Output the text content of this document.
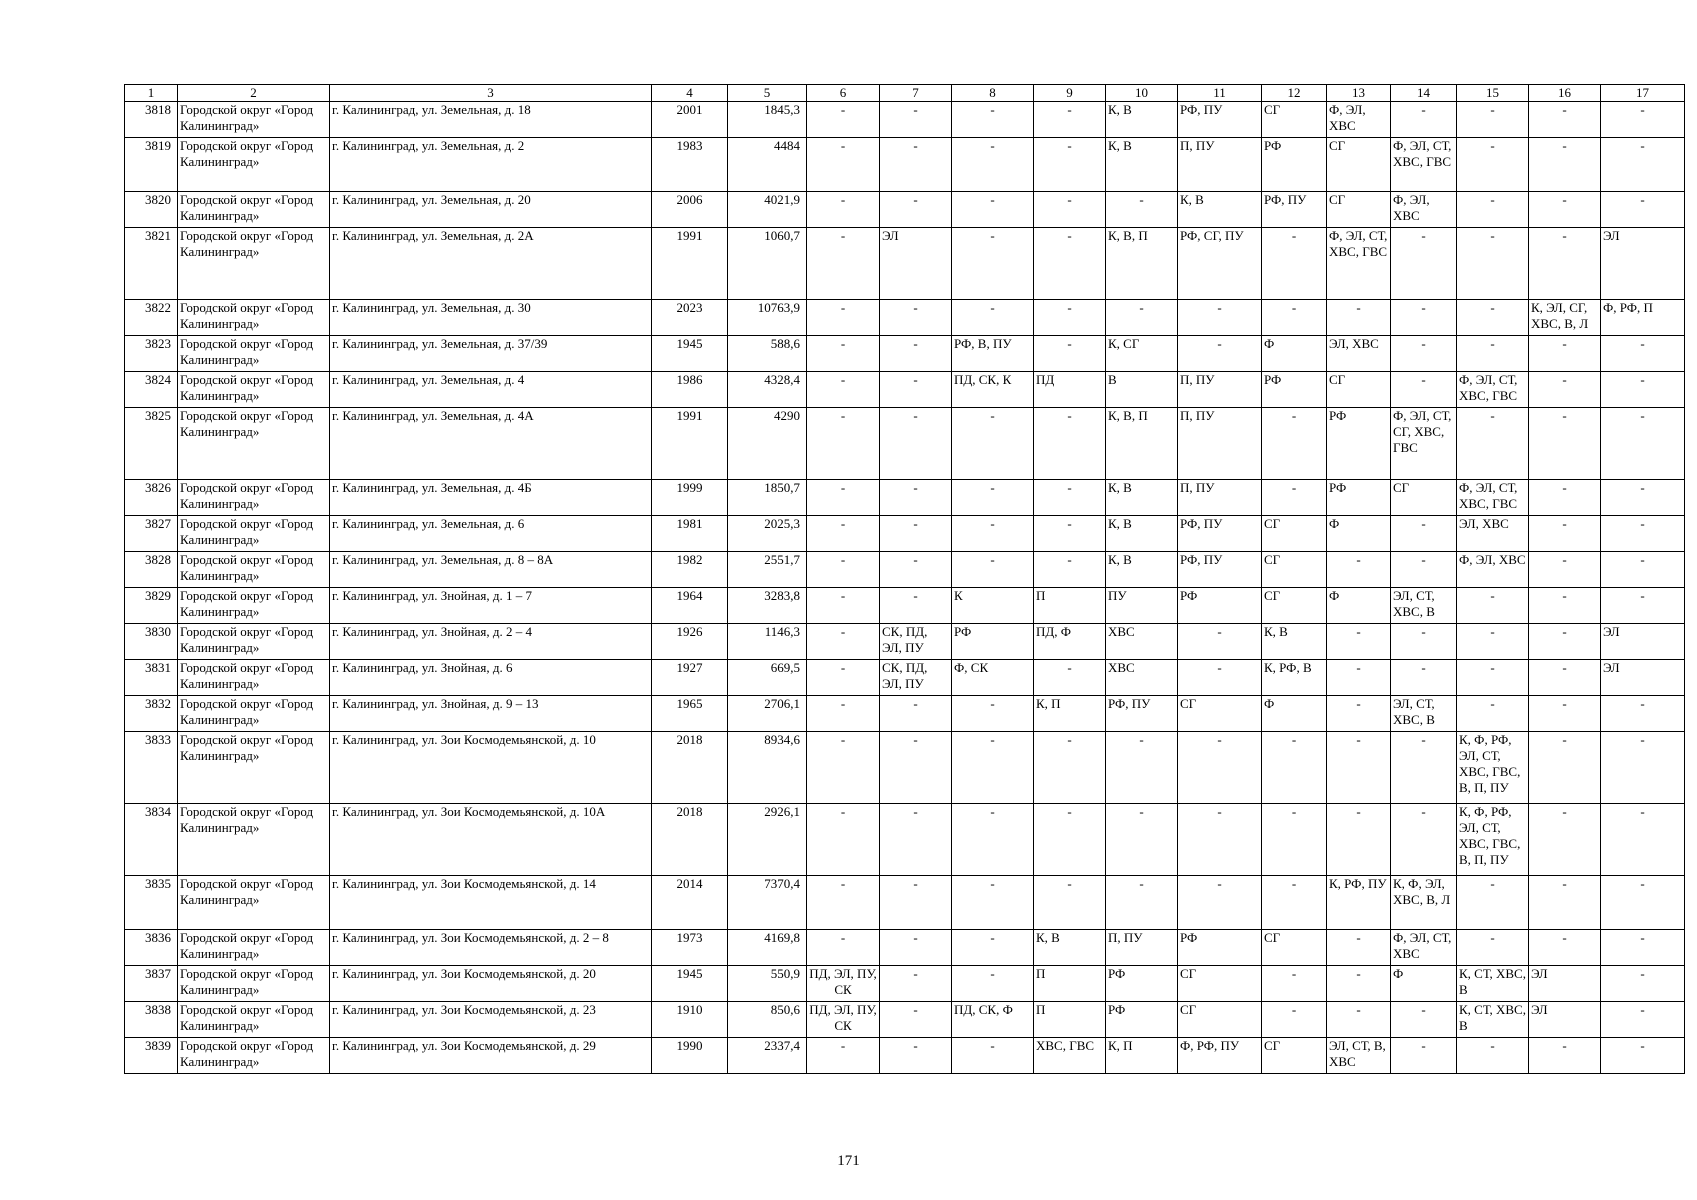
1	2	3	4	5	6	7	8	9	10	11	12	13	14	15	16	17
3818	Городской округ «Город Калининград»	г. Калининград, ул. Земельная, д. 18	2001	1845,3	-	-	-	-	К, В	РФ, ПУ	СГ	Ф, ЭЛ, ХВС	-	-	-	-
3819	Городской округ «Город Калининград»	г. Калининград, ул. Земельная, д. 2	1983	4484	-	-	-	-	К, В	П, ПУ	РФ	СГ	Ф, ЭЛ, СТ, ХВС, ГВС	-	-	-
3820	Городской округ «Город Калининград»	г. Калининград, ул. Земельная, д. 20	2006	4021,9	-	-	-	-	-	К, В	РФ, ПУ	СГ	Ф, ЭЛ, ХВС	-	-	-
3821	Городской округ «Город Калининград»	г. Калининград, ул. Земельная, д. 2А	1991	1060,7	-	ЭЛ	-	-	К, В, П	РФ, СГ, ПУ	-	Ф, ЭЛ, СТ, ХВС, ГВС	-	-	-	ЭЛ
3822	Городской округ «Город Калининград»	г. Калининград, ул. Земельная, д. 30	2023	10763,9	-	-	-	-	-	-	-	-	-	-	К, ЭЛ, СГ, ХВС, В, Л	Ф, РФ, П
3823	Городской округ «Город Калининград»	г. Калининград, ул. Земельная, д. 37/39	1945	588,6	-	-	РФ, В, ПУ	-	К, СГ	-	Ф	ЭЛ, ХВС	-	-	-	-
3824	Городской округ «Город Калининград»	г. Калининград, ул. Земельная, д. 4	1986	4328,4	-	-	ПД, СК, К	ПД	В	П, ПУ	РФ	СГ	-	Ф, ЭЛ, СТ, ХВС, ГВС	-	-
3825	Городской округ «Город Калининград»	г. Калининград, ул. Земельная, д. 4А	1991	4290	-	-	-	-	К, В, П	П, ПУ	-	РФ	Ф, ЭЛ, СТ, СГ, ХВС, ГВС	-	-	-
3826	Городской округ «Город Калининград»	г. Калининград, ул. Земельная, д. 4Б	1999	1850,7	-	-	-	-	К, В	П, ПУ	-	РФ	СГ	Ф, ЭЛ, СТ, ХВС, ГВС	-	-
3827	Городской округ «Город Калининград»	г. Калининград, ул. Земельная, д. 6	1981	2025,3	-	-	-	-	К, В	РФ, ПУ	СГ	Ф	-	ЭЛ, ХВС	-	-
3828	Городской округ «Город Калининград»	г. Калининград, ул. Земельная, д. 8 – 8А	1982	2551,7	-	-	-	-	К, В	РФ, ПУ	СГ	-	-	Ф, ЭЛ, ХВС	-	-
3829	Городской округ «Город Калининград»	г. Калининград, ул. Знойная, д. 1 – 7	1964	3283,8	-	-	К	П	ПУ	РФ	СГ	Ф	ЭЛ, СТ, ХВС, В	-	-	-
3830	Городской округ «Город Калининград»	г. Калининград, ул. Знойная, д. 2 – 4	1926	1146,3	-	СК, ПД, ЭЛ, ПУ	РФ	ПД, Ф	ХВС	-	К, В	-	-	-	-	ЭЛ
3831	Городской округ «Город Калининград»	г. Калининград, ул. Знойная, д. 6	1927	669,5	-	СК, ПД, ЭЛ, ПУ	Ф, СК	-	ХВС	-	К, РФ, В	-	-	-	-	ЭЛ
3832	Городской округ «Город Калининград»	г. Калининград, ул. Знойная, д. 9 – 13	1965	2706,1	-	-	-	К, П	РФ, ПУ	СГ	Ф	-	ЭЛ, СТ, ХВС, В	-	-	-
3833	Городской округ «Город Калининград»	г. Калининград, ул. Зои Космодемьянской, д. 10	2018	8934,6	-	-	-	-	-	-	-	-	-	К, Ф, РФ, ЭЛ, СТ, ХВС, ГВС, В, П, ПУ	-	-
3834	Городской округ «Город Калининград»	г. Калининград, ул. Зои Космодемьянской, д. 10А	2018	2926,1	-	-	-	-	-	-	-	-	-	К, Ф, РФ, ЭЛ, СТ, ХВС, ГВС, В, П, ПУ	-	-
3835	Городской округ «Город Калининград»	г. Калининград, ул. Зои Космодемьянской, д. 14	2014	7370,4	-	-	-	-	-	-	-	К, РФ, ПУ	К, Ф, ЭЛ, ХВС, В, Л	-	-	-
3836	Городской округ «Город Калининград»	г. Калининград, ул. Зои Космодемьянской, д. 2 – 8	1973	4169,8	-	-	-	К, В	П, ПУ	РФ	СГ	-	Ф, ЭЛ, СТ, ХВС	-	-	-
3837	Городской округ «Город Калининград»	г. Калининград, ул. Зои Космодемьянской, д. 20	1945	550,9	ПД, ЭЛ, ПУ, СК	-	-	П	РФ	СГ	-	-	Ф	К, СТ, ХВС, В	ЭЛ	-
3838	Городской округ «Город Калининград»	г. Калининград, ул. Зои Космодемьянской, д. 23	1910	850,6	ПД, ЭЛ, ПУ, СК	-	ПД, СК, Ф	П	РФ	СГ	-	-	-	К, СТ, ХВС, В	ЭЛ	-
3839	Городской округ «Город Калининград»	г. Калининград, ул. Зои Космодемьянской, д. 29	1990	2337,4	-	-	-	ХВС, ГВС	К, П	Ф, РФ, ПУ	СГ	ЭЛ, СТ, В, ХВС	-	-	-	-
171
